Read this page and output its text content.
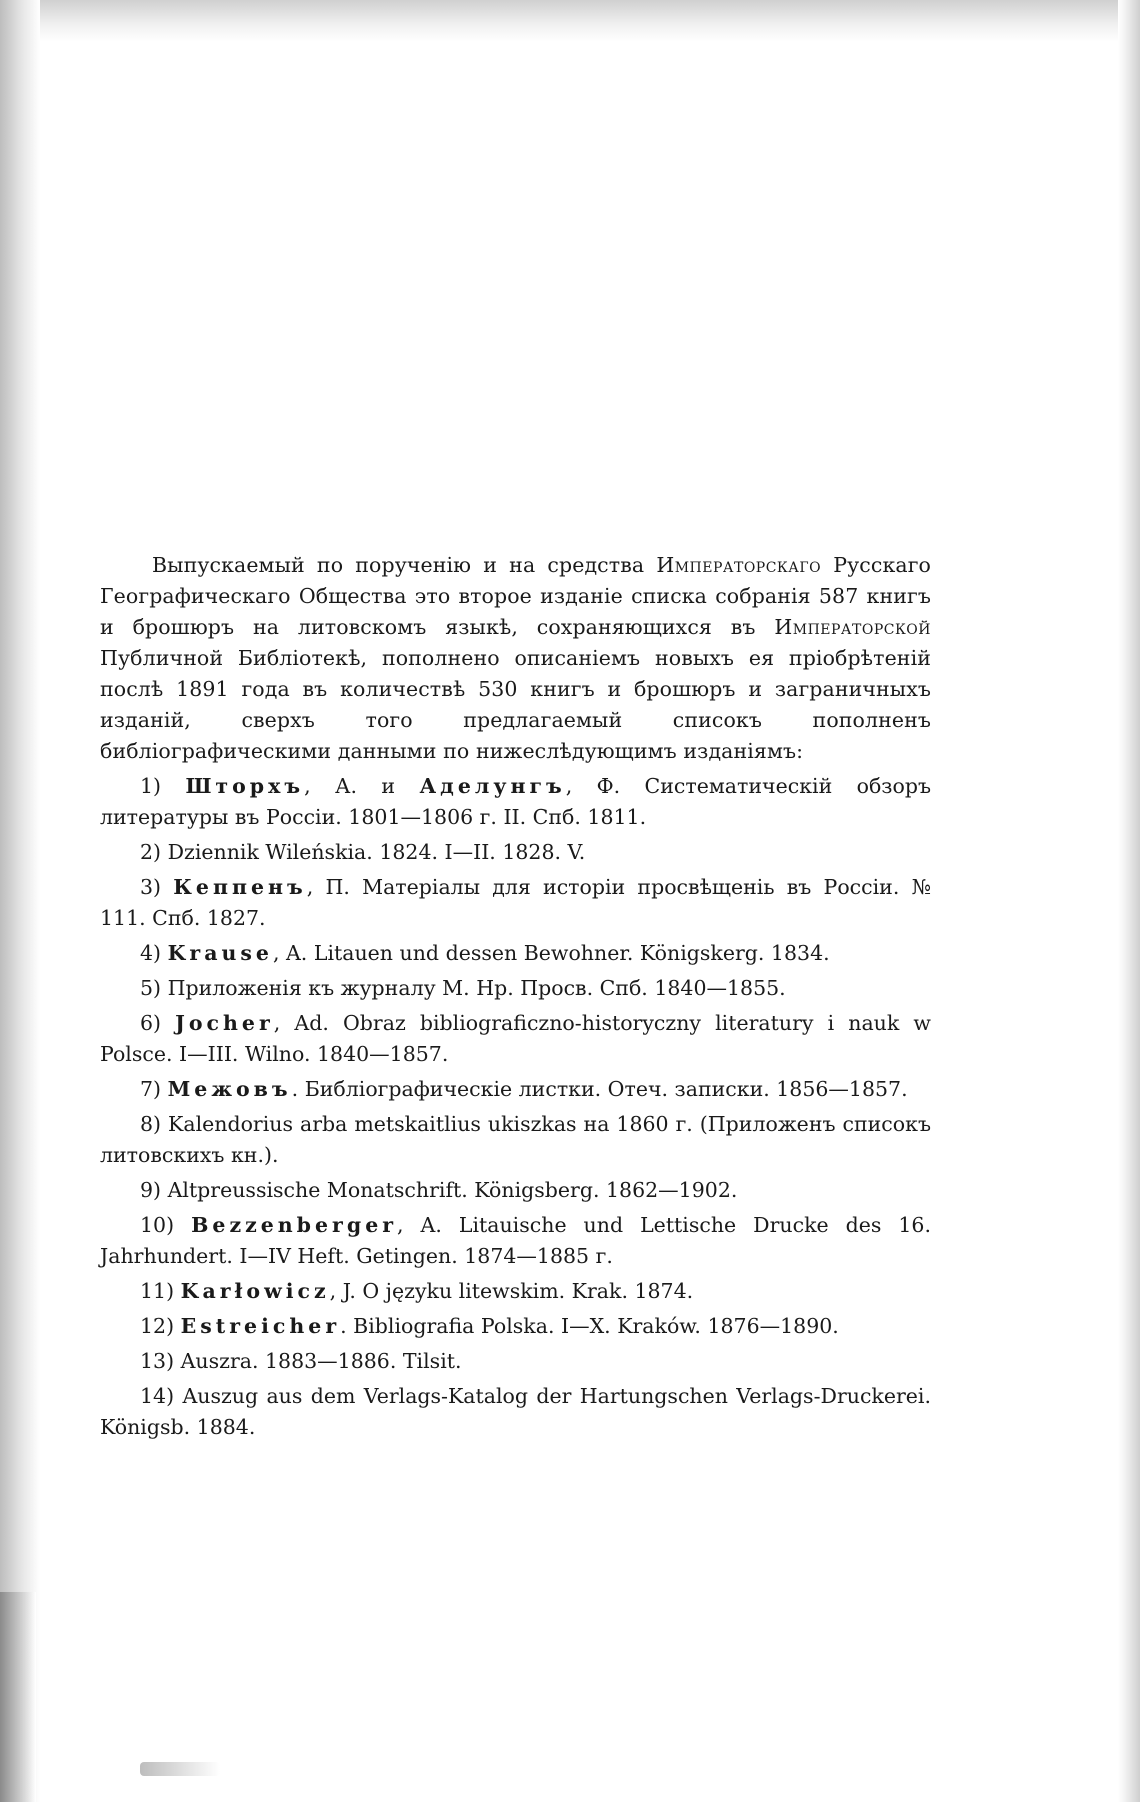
Выпускаемый по порученію и на средства Императорскаго Русскаго Географическаго Общества это второе изданіе списка собранія 587 книгъ и брошюръ на литовскомъ языкѣ, сохраняющихся въ Императорской Публичной Библіотекѣ, пополнено описаніемъ новыхъ ея пріобрѣтеній послѣ 1891 года въ количествѣ 530 книгъ и брошюръ и заграничныхъ изданій, сверхъ того предлагаемый списокъ пополненъ библіографическими данными по нижеслѣдующимъ изданіямъ:

1) Шторхъ, А. и Аделунгъ, Ф. Систематическій обзоръ литературы въ Россіи. 1801—1806 г. II. Спб. 1811.

2) Dziennik Wileńskia. 1824. I—II. 1828. V.

3) Кеппенъ, П. Матеріалы для исторіи просвѣщеніь въ Россіи. № 111. Спб. 1827.

4) Krause, A. Litauen und dessen Bewohner. Königskerg. 1834.

5) Приложенія къ журналу М. Нр. Просв. Спб. 1840—1855.

6) Jocher, Ad. Obraz bibliograficzno-historyczny literatury i nauk w Polsce. I—III. Wilno. 1840—1857.

7) Межовъ. Библіографическіе листки. Отеч. записки. 1856—1857.

8) Kalendorius arba metskaitlius ukiszkas на 1860 г. (Приложенъ списокъ литовскихъ кн.).

9) Altpreussische Monatschrift. Königsberg. 1862—1902.

10) Bezzenberger, A. Litauische und Lettische Drucke des 16. Jahrhundert. I—IV Heft. Getingen. 1874—1885 г.

11) Karłowicz, J. O języku litewskim. Krak. 1874.

12) Estreicher. Bibliografia Polska. I—X. Kraków. 1876—1890.

13) Auszra. 1883—1886. Tilsit.

14) Auszug aus dem Verlags-Katalog der Hartungschen Verlags-Druckerei. Königsb. 1884.
